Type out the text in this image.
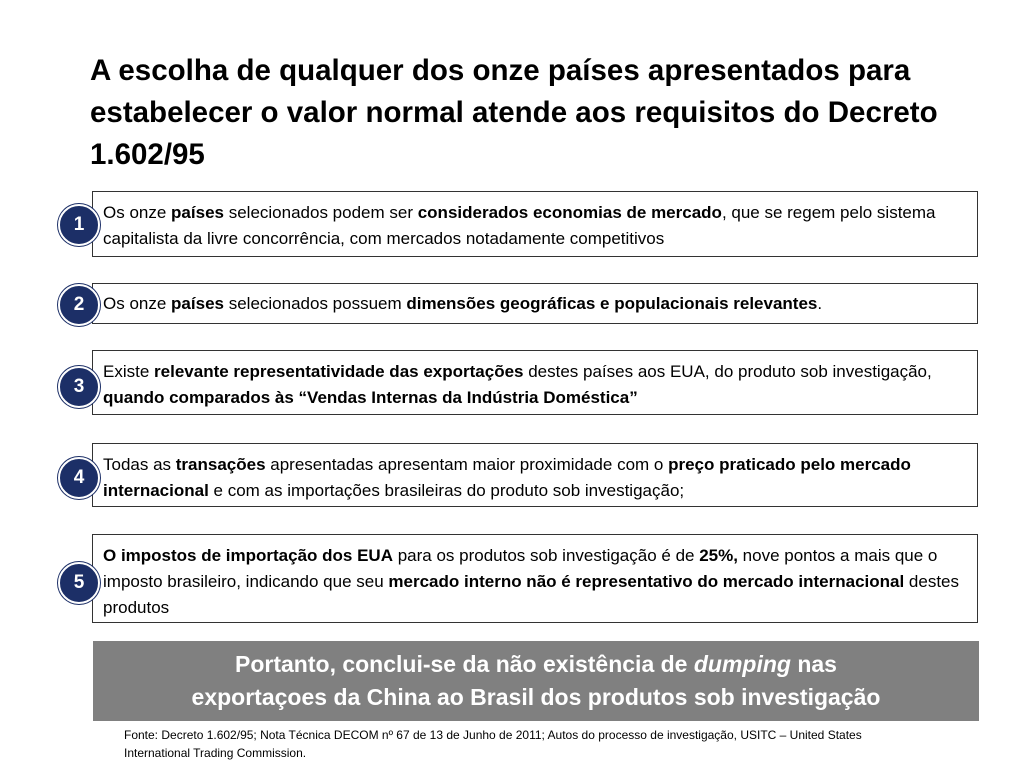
A escolha de qualquer dos onze países apresentados para estabelecer o valor normal atende aos requisitos do Decreto 1.602/95
Os onze países selecionados podem ser considerados economias de mercado, que se regem pelo sistema capitalista da livre concorrência, com mercados notadamente competitivos
1
Os onze países selecionados possuem dimensões geográficas e populacionais relevantes.
2
Existe relevante representatividade das exportações destes países aos EUA, do produto sob investigação, quando comparados às “Vendas Internas da Indústria Doméstica”
3
Todas as transações apresentadas apresentam maior proximidade com o preço praticado pelo mercado internacional e com as importações brasileiras do produto sob investigação;
4
O impostos de importação dos EUA para os produtos sob investigação é de 25%, nove pontos a mais que o imposto brasileiro, indicando que seu mercado interno não é representativo do mercado internacional destes produtos
5
Portanto, conclui-se da não existência de dumping nas
exportaçoes da China ao Brasil dos produtos sob investigação
Fonte: Decreto 1.602/95; Nota Técnica DECOM nº 67 de 13 de Junho de 2011; Autos do processo de investigação, USITC – United States International Trading Commission.
